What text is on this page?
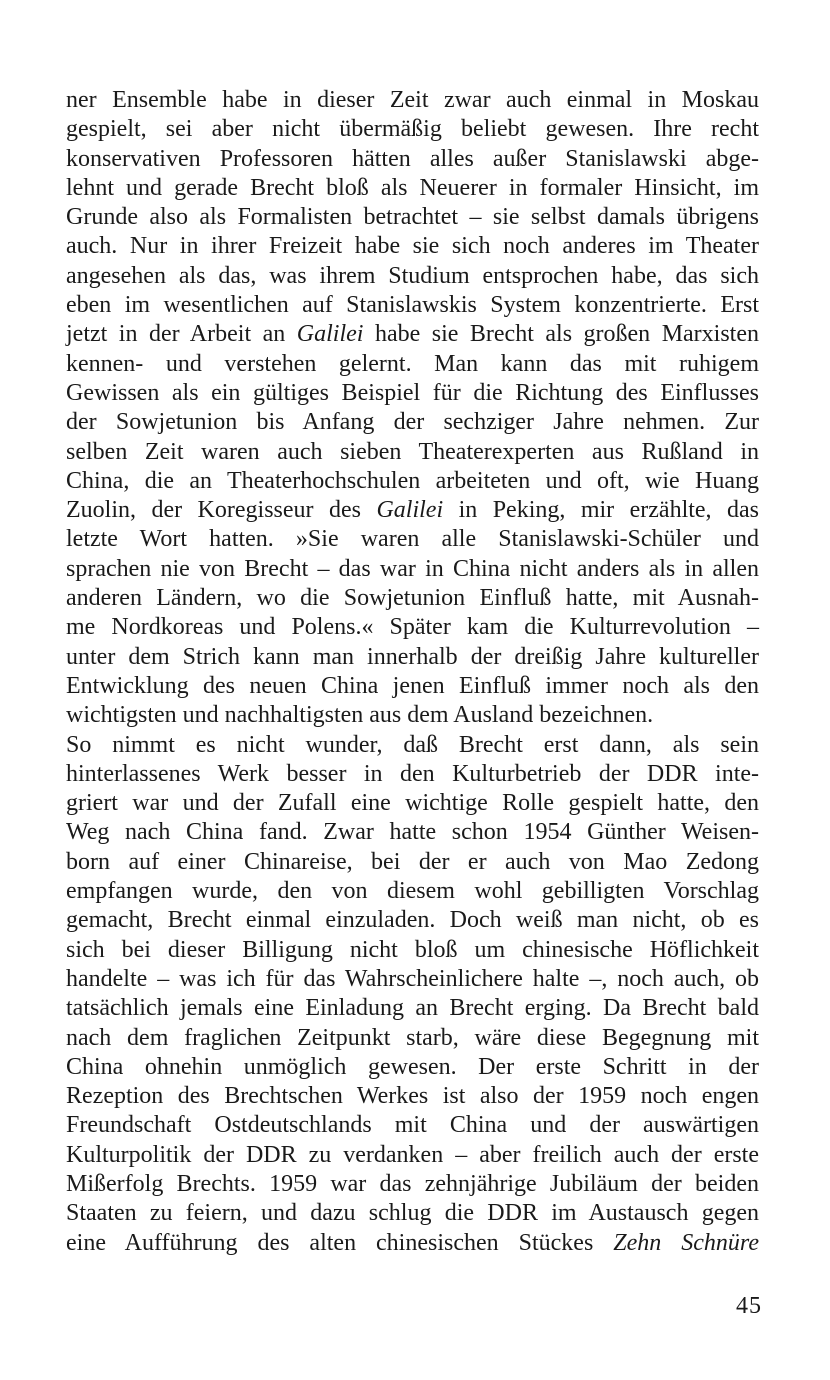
ner Ensemble habe in dieser Zeit zwar auch einmal in Moskau
gespielt, sei aber nicht übermäßig beliebt gewesen. Ihre recht
konservativen Professoren hätten alles außer Stanislawski abge-
lehnt und gerade Brecht bloß als Neuerer in formaler Hinsicht, im
Grunde also als Formalisten betrachtet – sie selbst damals übrigens
auch. Nur in ihrer Freizeit habe sie sich noch anderes im Theater
angesehen als das, was ihrem Studium entsprochen habe, das sich
eben im wesentlichen auf Stanislawskis System konzentrierte. Erst
jetzt in der Arbeit an Galilei habe sie Brecht als großen Marxisten
kennen- und verstehen gelernt. Man kann das mit ruhigem
Gewissen als ein gültiges Beispiel für die Richtung des Einflusses
der Sowjetunion bis Anfang der sechziger Jahre nehmen. Zur
selben Zeit waren auch sieben Theaterexperten aus Rußland in
China, die an Theaterhochschulen arbeiteten und oft, wie Huang
Zuolin, der Koregisseur des Galilei in Peking, mir erzählte, das
letzte Wort hatten. »Sie waren alle Stanislawski-Schüler und
sprachen nie von Brecht – das war in China nicht anders als in allen
anderen Ländern, wo die Sowjetunion Einfluß hatte, mit Ausnah-
me Nordkoreas und Polens.« Später kam die Kulturrevolution –
unter dem Strich kann man innerhalb der dreißig Jahre kultureller
Entwicklung des neuen China jenen Einfluß immer noch als den
wichtigsten und nachhaltigsten aus dem Ausland bezeichnen.
So nimmt es nicht wunder, daß Brecht erst dann, als sein
hinterlassenes Werk besser in den Kulturbetrieb der DDR inte-
griert war und der Zufall eine wichtige Rolle gespielt hatte, den
Weg nach China fand. Zwar hatte schon 1954 Günther Weisen-
born auf einer Chinareise, bei der er auch von Mao Zedong
empfangen wurde, den von diesem wohl gebilligten Vorschlag
gemacht, Brecht einmal einzuladen. Doch weiß man nicht, ob es
sich bei dieser Billigung nicht bloß um chinesische Höflichkeit
handelte – was ich für das Wahrscheinlichere halte –, noch auch, ob
tatsächlich jemals eine Einladung an Brecht erging. Da Brecht bald
nach dem fraglichen Zeitpunkt starb, wäre diese Begegnung mit
China ohnehin unmöglich gewesen. Der erste Schritt in der
Rezeption des Brechtschen Werkes ist also der 1959 noch engen
Freundschaft Ostdeutschlands mit China und der auswärtigen
Kulturpolitik der DDR zu verdanken – aber freilich auch der erste
Mißerfolg Brechts. 1959 war das zehnjährige Jubiläum der beiden
Staaten zu feiern, und dazu schlug die DDR im Austausch gegen
eine Aufführung des alten chinesischen Stückes Zehn Schnüre
45
